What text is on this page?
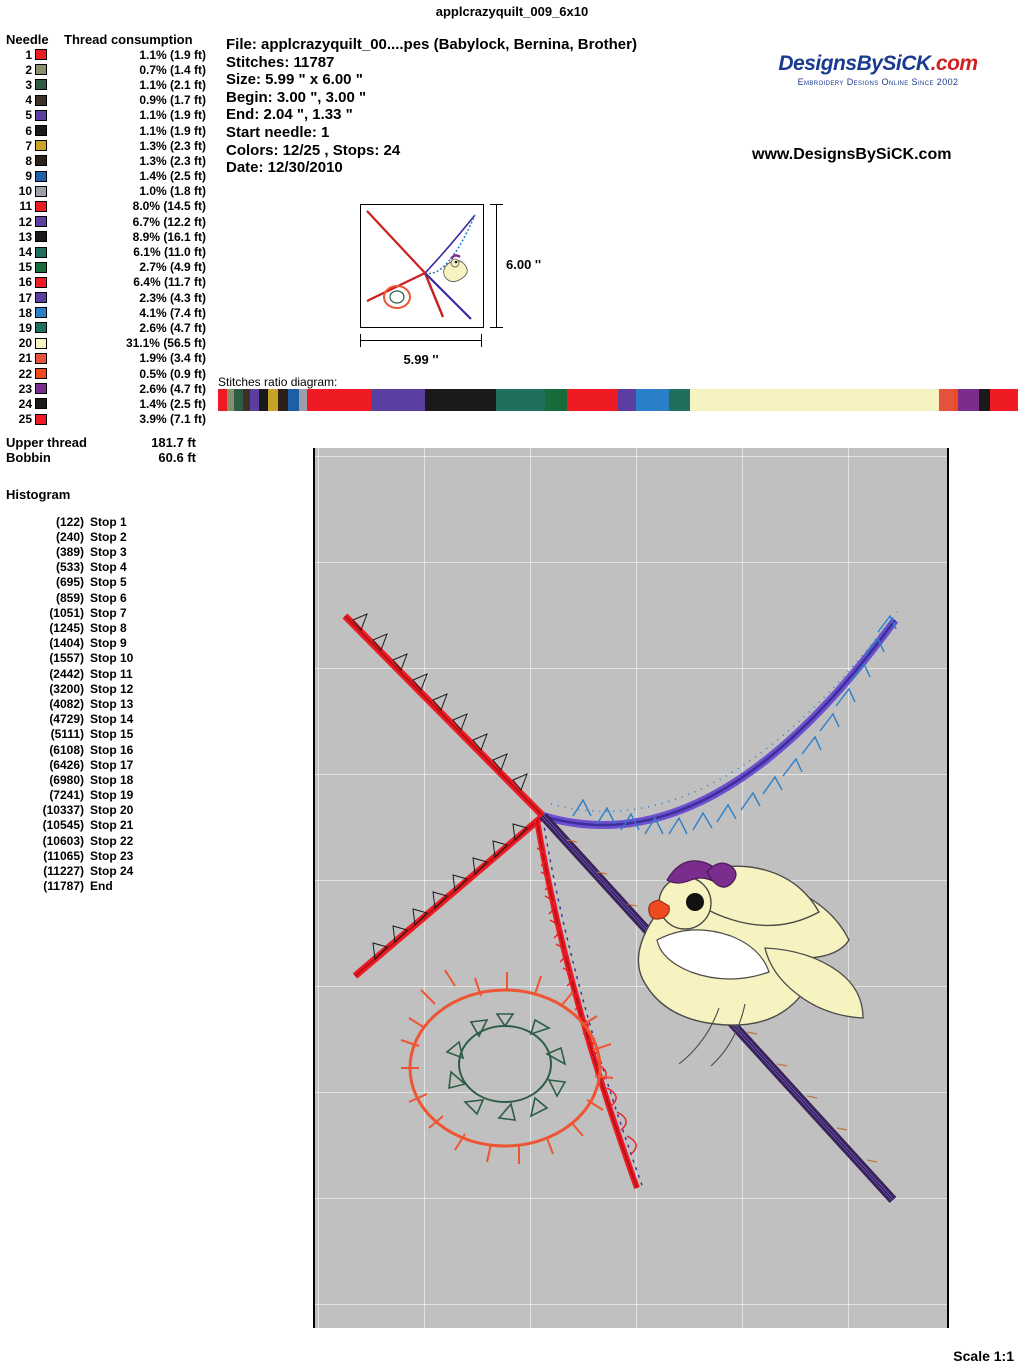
applcrazyquilt_009_6x10
Needle	Thread consumption
1	1.1% (1.9 ft)
2	0.7% (1.4 ft)
3	1.1% (2.1 ft)
4	0.9% (1.7 ft)
5	1.1% (1.9 ft)
6	1.1% (1.9 ft)
7	1.3% (2.3 ft)
8	1.3% (2.3 ft)
9	1.4% (2.5 ft)
10	1.0% (1.8 ft)
11	8.0% (14.5 ft)
12	6.7% (12.2 ft)
13	8.9% (16.1 ft)
14	6.1% (11.0 ft)
15	2.7% (4.9 ft)
16	6.4% (11.7 ft)
17	2.3% (4.3 ft)
18	4.1% (7.4 ft)
19	2.6% (4.7 ft)
20	31.1% (56.5 ft)
21	1.9% (3.4 ft)
22	0.5% (0.9 ft)
23	2.6% (4.7 ft)
24	1.4% (2.5 ft)
25	3.9% (7.1 ft)
Upper thread	181.7 ft
Bobbin	60.6 ft
Histogram
(122) Stop 1
(240) Stop 2
(389) Stop 3
(533) Stop 4
(695) Stop 5
(859) Stop 6
(1051) Stop 7
(1245) Stop 8
(1404) Stop 9
(1557) Stop 10
(2442) Stop 11
(3200) Stop 12
(4082) Stop 13
(4729) Stop 14
(5111) Stop 15
(6108) Stop 16
(6426) Stop 17
(6980) Stop 18
(7241) Stop 19
(10337) Stop 20
(10545) Stop 21
(10603) Stop 22
(11065) Stop 23
(11227) Stop 24
(11787) End
File: applcrazyquilt_00....pes (Babylock, Bernina, Brother)
Stitches: 11787
Size: 5.99 " x 6.00 "
Begin: 3.00 ", 3.00 "
End: 2.04 ", 1.33 "
Start needle: 1
Colors: 12/25 , Stops: 24
Date: 12/30/2010
DesignsBySiCK.com
Embroidery Designs Online Since 2002
www.DesignsBySiCK.com
6.00 ''
5.99 ''
Stitches ratio diagram:
Scale 1:1
